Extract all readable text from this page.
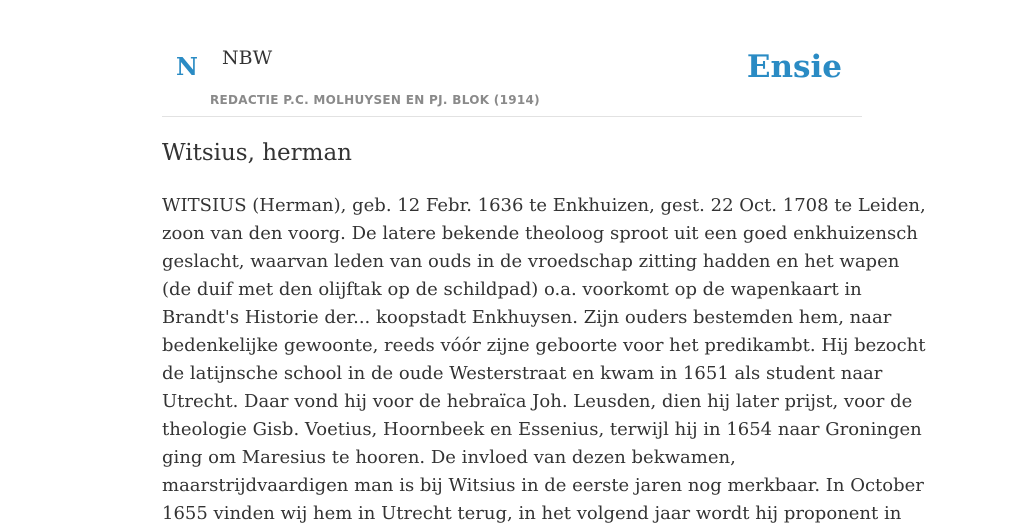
N NBW
REDACTIE P.C. MOLHUYSEN EN PJ. BLOK (1914)
Ensie
Witsius, herman
WITSIUS (Herman), geb. 12 Febr. 1636 te Enkhuizen, gest. 22 Oct. 1708 te Leiden,
zoon van den voorg. De latere bekende theoloog sproot uit een goed enkhuizensch
geslacht, waarvan leden van ouds in de vroedschap zitting hadden en het wapen
(de duif met den olijftak op de schildpad) o.a. voorkomt op de wapenkaart in
Brandt's Historie der... koopstadt Enkhuysen. Zijn ouders bestemden hem, naar
bedenkelijke gewoonte, reeds vóór zijne geboorte voor het predikambt. Hij bezocht
de latijnsche school in de oude Westerstraat en kwam in 1651 als student naar
Utrecht. Daar vond hij voor de hebraïca Joh. Leusden, dien hij later prijst, voor de
theologie Gisb. Voetius, Hoornbeek en Essenius, terwijl hij in 1654 naar Groningen
ging om Maresius te hooren. De invloed van dezen bekwamen,
maarstrijdvaardigen man is bij Witsius in de eerste jaren nog merkbaar. In October
1655 vinden wij hem in Utrecht terug, in het volgend jaar wordt hij proponent in
